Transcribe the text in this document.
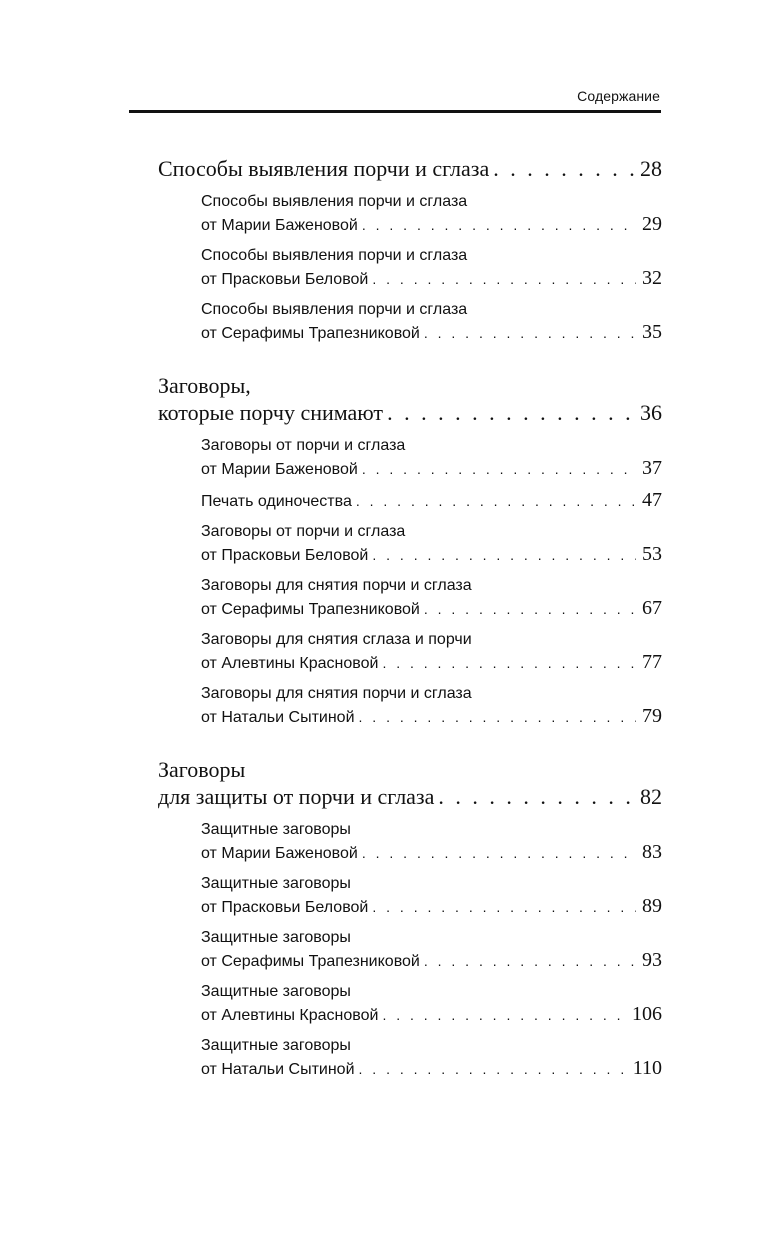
Содержание
Способы выявления порчи и сглаза . . .	28
Способы выявления порчи и сглаза
от Марии Баженовой . . .	29
Способы выявления порчи и сглаза
от Прасковьи Беловой . . .	32
Способы выявления порчи и сглаза
от Серафимы Трапезниковой . . .	35
Заговоры,
которые порчу снимают . . .	36
Заговоры от порчи и сглаза
от Марии Баженовой . . .	37
Печать одиночества . . .	47
Заговоры от порчи и сглаза
от Прасковьи Беловой . . .	53
Заговоры для снятия порчи и сглаза
от Серафимы Трапезниковой . . .	67
Заговоры для снятия сглаза и порчи
от Алевтины Красновой . . .	77
Заговоры для снятия порчи и сглаза
от Натальи Сытиной . . .	79
Заговоры
для защиты от порчи и сглаза . . .	82
Защитные заговоры
от Марии Баженовой . . .	83
Защитные заговоры
от Прасковьи Беловой . . .	89
Защитные заговоры
от Серафимы Трапезниковой . . .	93
Защитные заговоры
от Алевтины Красновой . . .	106
Защитные заговоры
от Натальи Сытиной . . .	110
